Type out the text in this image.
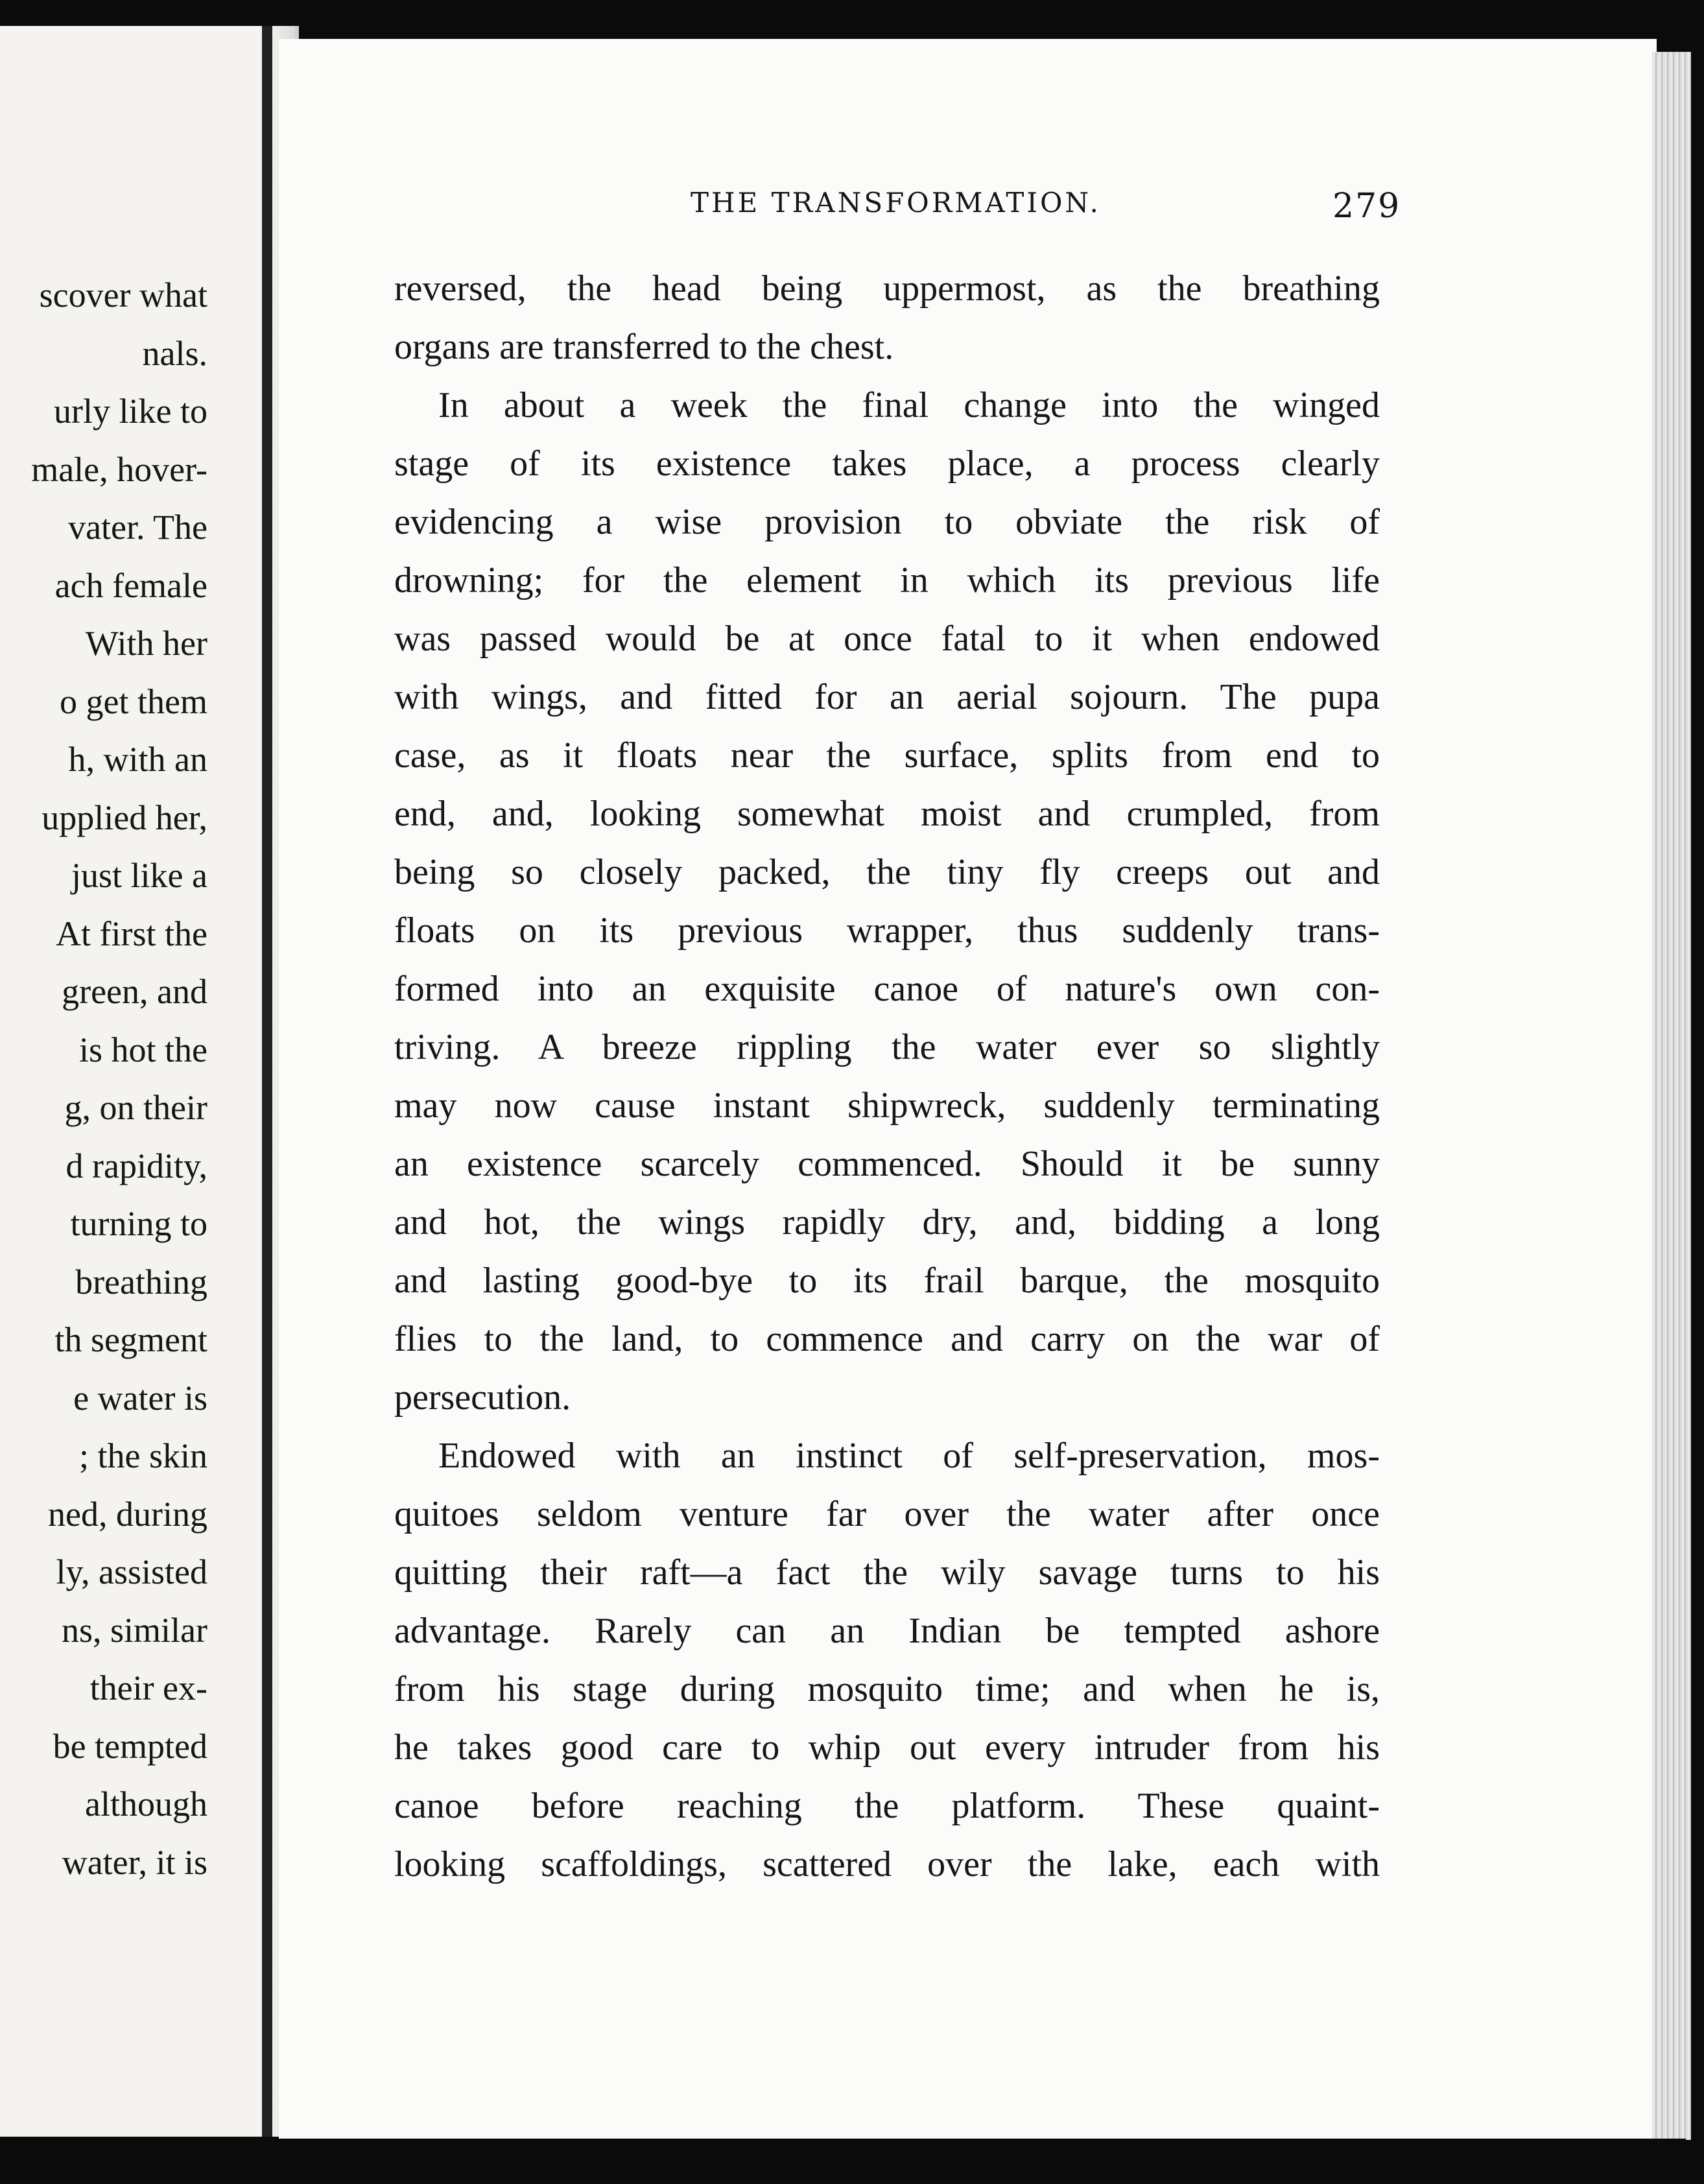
scover what
nals.
urly like to
male, hover-
vater. The
ach female
With her
o get them
h, with an
upplied her,
just like a
At first the
green, and
is hot the
g, on their
d rapidity,
turning to
breathing
th segment
e water is
; the skin
ned, during
ly, assisted
ns, similar
their ex-
be tempted
although
water, it is
THE TRANSFORMATION.	279
reversed, the head being uppermost, as the breathing
organs are transferred to the chest.
In about a week the final change into the winged
stage of its existence takes place, a process clearly
evidencing a wise provision to obviate the risk of
drowning; for the element in which its previous life
was passed would be at once fatal to it when endowed
with wings, and fitted for an aerial sojourn. The pupa
case, as it floats near the surface, splits from end to
end, and, looking somewhat moist and crumpled, from
being so closely packed, the tiny fly creeps out and
floats on its previous wrapper, thus suddenly trans-
formed into an exquisite canoe of nature's own con-
triving. A breeze rippling the water ever so slightly
may now cause instant shipwreck, suddenly terminating
an existence scarcely commenced. Should it be sunny
and hot, the wings rapidly dry, and, bidding a long
and lasting good-bye to its frail barque, the mosquito
flies to the land, to commence and carry on the war of
persecution.
Endowed with an instinct of self-preservation, mos-
quitoes seldom venture far over the water after once
quitting their raft—a fact the wily savage turns to his
advantage. Rarely can an Indian be tempted ashore
from his stage during mosquito time; and when he is,
he takes good care to whip out every intruder from his
canoe before reaching the platform. These quaint-
looking scaffoldings, scattered over the lake, each with
